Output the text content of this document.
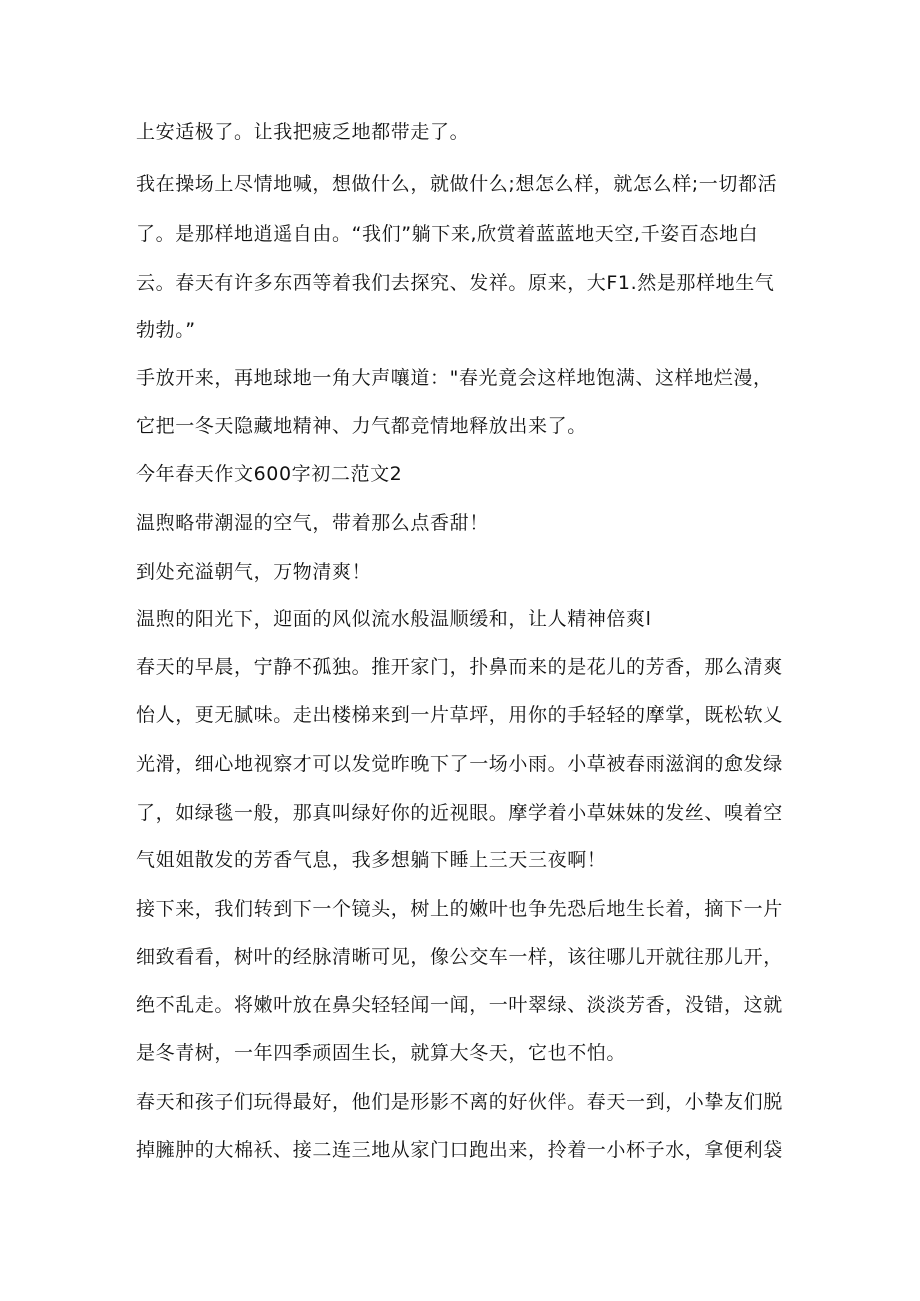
上安适极了。让我把疲乏地都带走了。
我在操场上尽情地喊，想做什么，就做什么;想怎么样，就怎么样;一切都活
了。是那样地逍遥自由。“我们”躺下来,欣赏着蓝蓝地天空,千姿百态地白
云。春天有许多东西等着我们去探究、发祥。原来，大F1.然是那样地生气
勃勃。”
手放开来，再地球地一角大声嚷道："春光竟会这样地饱满、这样地烂漫，
它把一冬天隐藏地精神、力气都竞情地释放出来了。
今年春天作文600字初二范文2
温煦略带潮湿的空气，带着那么点香甜！
到处充溢朝气，万物清爽！
温煦的阳光下，迎面的风似流水般温顺缓和，让人精神倍爽l
春天的早晨，宁静不孤独。推开家门，扑鼻而来的是花儿的芳香，那么清爽
怡人，更无腻味。走出楼梯来到一片草坪，用你的手轻轻的摩掌，既松软乂
光滑，细心地视察才可以发觉昨晚下了一场小雨。小草被春雨滋润的愈发绿
了，如绿毯一般，那真叫绿好你的近视眼。摩学着小草妹妹的发丝、嗅着空
气姐姐散发的芳香气息，我多想躺下睡上三天三夜啊！
接下来，我们转到下一个镜头，树上的嫩叶也争先恐后地生长着，摘下一片
细致看看，树叶的经脉清晰可见，像公交车一样，该往哪儿开就往那儿开，
绝不乱走。将嫩叶放在鼻尖轻轻闻一闻，一叶翠绿、淡淡芳香，没错，这就
是冬青树，一年四季顽固生长，就算大冬天，它也不怕。
春天和孩子们玩得最好，他们是形影不离的好伙伴。春天一到，小挚友们脱
掉臃肿的大棉袄、接二连三地从家门口跑出来，拎着一小杯子水，拿便利袋
